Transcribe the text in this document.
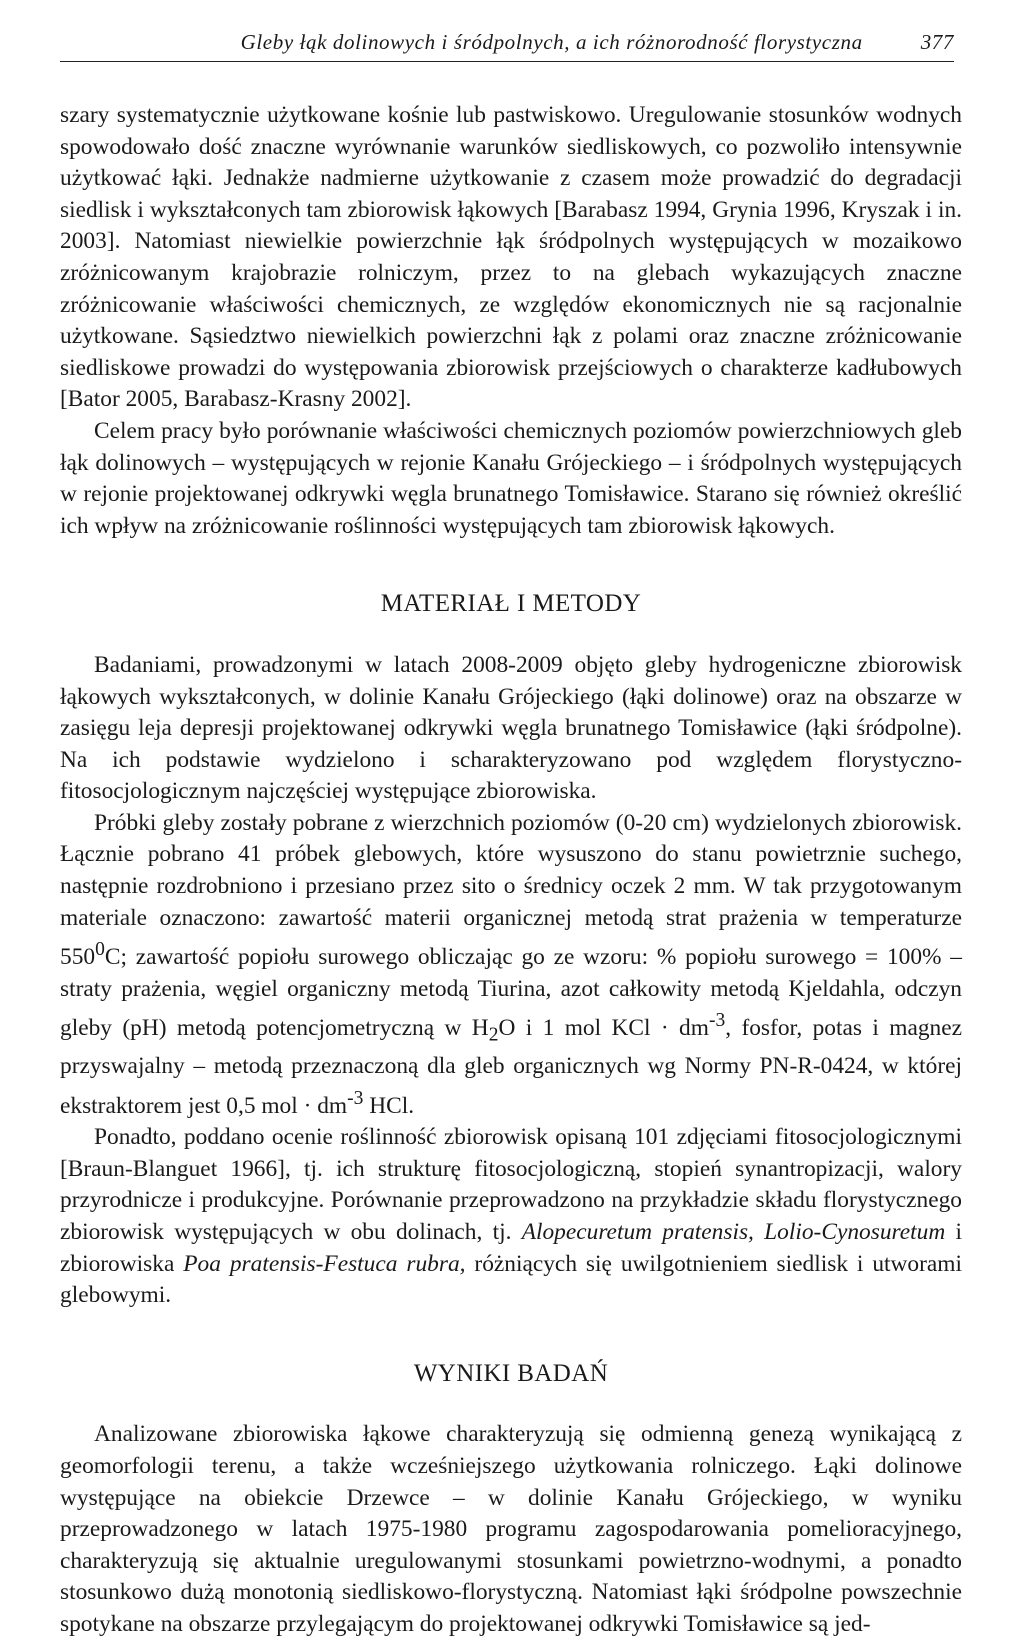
Gleby łąk dolinowych i śródpolnych, a ich różnorodność florystyczna	377

szary systematycznie użytkowane kośnie lub pastwiskowo. Uregulowanie stosunków wodnych spowodowało dość znaczne wyrównanie warunków siedliskowych, co pozwoliło intensywnie użytkować łąki. Jednakże nadmierne użytkowanie z czasem może prowadzić do degradacji siedlisk i wykształconych tam zbiorowisk łąkowych [Barabasz 1994, Grynia 1996, Kryszak i in. 2003]. Natomiast niewielkie powierzchnie łąk śródpolnych występujących w mozaikowo zróżnicowanym krajobrazie rolniczym, przez to na glebach wykazujących znaczne zróżnicowanie właściwości chemicznych, ze względów ekonomicznych nie są racjonalnie użytkowane. Sąsiedztwo niewielkich powierzchni łąk z polami oraz znaczne zróżnicowanie siedliskowe prowadzi do występowania zbiorowisk przejściowych o charakterze kadłubowych [Bator 2005, Barabasz-Krasny 2002].

Celem pracy było porównanie właściwości chemicznych poziomów powierzchniowych gleb łąk dolinowych – występujących w rejonie Kanału Grójeckiego – i śródpolnych występujących w rejonie projektowanej odkrywki węgla brunatnego Tomisławice. Starano się również określić ich wpływ na zróżnicowanie roślinności występujących tam zbiorowisk łąkowych.

MATERIAŁ I METODY

Badaniami, prowadzonymi w latach 2008-2009 objęto gleby hydrogeniczne zbiorowisk łąkowych wykształconych, w dolinie Kanału Grójeckiego (łąki dolinowe) oraz na obszarze w zasięgu leja depresji projektowanej odkrywki węgla brunatnego Tomisławice (łąki śródpolne). Na ich podstawie wydzielono i scharakteryzowano pod względem florystyczno-fitosocjologicznym najczęściej występujące zbiorowiska.

Próbki gleby zostały pobrane z wierzchnich poziomów (0-20 cm) wydzielonych zbiorowisk. Łącznie pobrano 41 próbek glebowych, które wysuszono do stanu powietrznie suchego, następnie rozdrobniono i przesiano przez sito o średnicy oczek 2 mm. W tak przygotowanym materiale oznaczono: zawartość materii organicznej metodą strat prażenia w temperaturze $550^0C$; zawartość popiołu surowego obliczając go ze wzoru: % popiołu surowego = 100% – straty prażenia, węgiel organiczny metodą Tiurina, azot całkowity metodą Kjeldahla, odczyn gleby (pH) metodą potencjometryczną w $H_2O$ i 1 mol KCl · $dm^{-3}$, fosfor, potas i magnez przyswajalny – metodą przeznaczoną dla gleb organicznych wg Normy PN-R-0424, w której ekstraktorem jest 0,5 mol · $dm^{-3}$ HCl.

Ponadto, poddano ocenie roślinność zbiorowisk opisaną 101 zdjęciami fitosocjologicznymi [Braun-Blanguet 1966], tj. ich strukturę fitosocjologiczną, stopień synantropizacji, walory przyrodnicze i produkcyjne. Porównanie przeprowadzono na przykładzie składu florystycznego zbiorowisk występujących w obu dolinach, tj. Alopecuretum pratensis, Lolio-Cynosuretum i zbiorowiska Poa pratensis-Festuca rubra, różniących się uwilgotnieniem siedlisk i utworami glebowymi.

WYNIKI BADAŃ

Analizowane zbiorowiska łąkowe charakteryzują się odmienną genezą wynikającą z geomorfologii terenu, a także wcześniejszego użytkowania rolniczego. Łąki dolinowe występujące na obiekcie Drzewce – w dolinie Kanału Grójeckiego, w wyniku przeprowadzonego w latach 1975-1980 programu zagospodarowania pomelioracyjnego, charakteryzują się aktualnie uregulowanymi stosunkami powietrzno-wodnymi, a ponadto stosunkowo dużą monotonią siedliskowo-florystyczną. Natomiast łąki śródpolne powszechnie spotykane na obszarze przylegającym do projektowanej odkrywki Tomisławice są jed-
